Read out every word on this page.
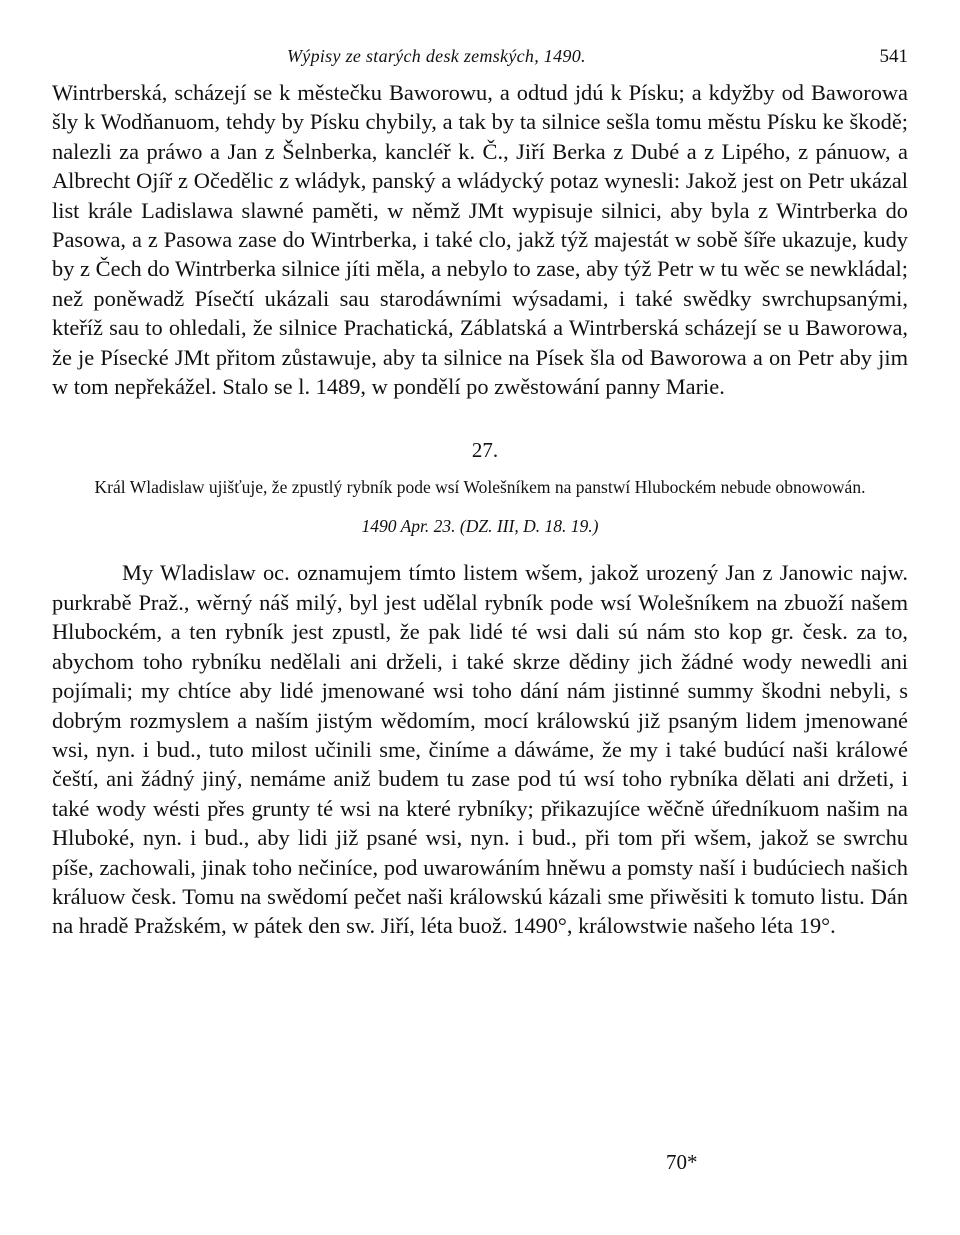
Wýpisy ze starých desk zemských, 1490.	541

Wintrberská, scházejí se k městečku Baworowu, a odtud jdú k Písku; a kdyžby od Baworowa šly k Wodňanuom, tehdy by Písku chybily, a tak by ta silnice sešla tomu městu Písku ke škodě; nalezli za práwo a Jan z Šelnberka, kancléř k. Č., Jiří Berka z Dubé a z Lipého, z pánuow, a Albrecht Ojíř z Očedělic z wládyk, panský a wládycký potaz wynesli: Jakož jest on Petr ukázal list krále Ladislawa slawné paměti, w němž JMt wypisuje silnici, aby byla z Wintrberka do Pasowa, a z Pasowa zase do Wintrberka, i také clo, jakž týž majestát w sobě šíře ukazuje, kudy by z Čech do Wintrberka silnice jíti měla, a nebylo to zase, aby týž Petr w tu wěc se newkládal; než poněwadž Písečtí ukázali sau starodáwními wýsadami, i také swědky swrchupsanými, kteříž sau to ohledali, že silnice Prachatická, Záblatská a Wintrberská scházejí se u Baworowa, že je Písecké JMt přitom zůstawuje, aby ta silnice na Písek šla od Baworowa a on Petr aby jim w tom nepřekážel. Stalo se l. 1489, w pondělí po zwěstowání panny Marie.

27.
Král Wladislaw ujišťuje, že zpustlý rybník pode wsí Wolešníkem na panstwí Hlubockém nebude obnowowán.
1490 Apr. 23. (DZ. III, D. 18. 19.)

My Wladislaw oc. oznamujem tímto listem wšem, jakož urozený Jan z Janowic najw. purkrabě Praž., wěrný náš milý, byl jest udělal rybník pode wsí Wolešníkem na zbuoží našem Hlubockém, a ten rybník jest zpustl, že pak lidé té wsi dali sú nám sto kop gr. česk. za to, abychom toho rybníku nedělali ani drželi, i také skrze dědiny jich žádné wody newedli ani pojímali; my chtíce aby lidé jmenowané wsi toho dání nám jistinné summy škodni nebyli, s dobrým rozmyslem a naším jistým wědomím, mocí králowskú již psaným lidem jmenowané wsi, nyn. i bud., tuto milost učinili sme, činíme a dáwáme, že my i také budúcí naši králowé čeští, ani žádný jiný, nemáme aniž budem tu zase pod tú wsí toho rybníka dělati ani držeti, i také wody wésti přes grunty té wsi na které rybníky; přikazujíce wěčně úředníkuom našim na Hluboké, nyn. i bud., aby lidi již psané wsi, nyn. i bud., při tom při wšem, jakož se swrchu píše, zachowali, jinak toho nečiníce, pod uwarowáním hněwu a pomsty naší i budúciech našich králuow česk. Tomu na swědomí pečet naši králowskú kázali sme přiwěsiti k tomuto listu. Dán na hradě Pražském, w pátek den sw. Jiří, léta buož. 1490°, králowstwie našeho léta 19°.

70*
